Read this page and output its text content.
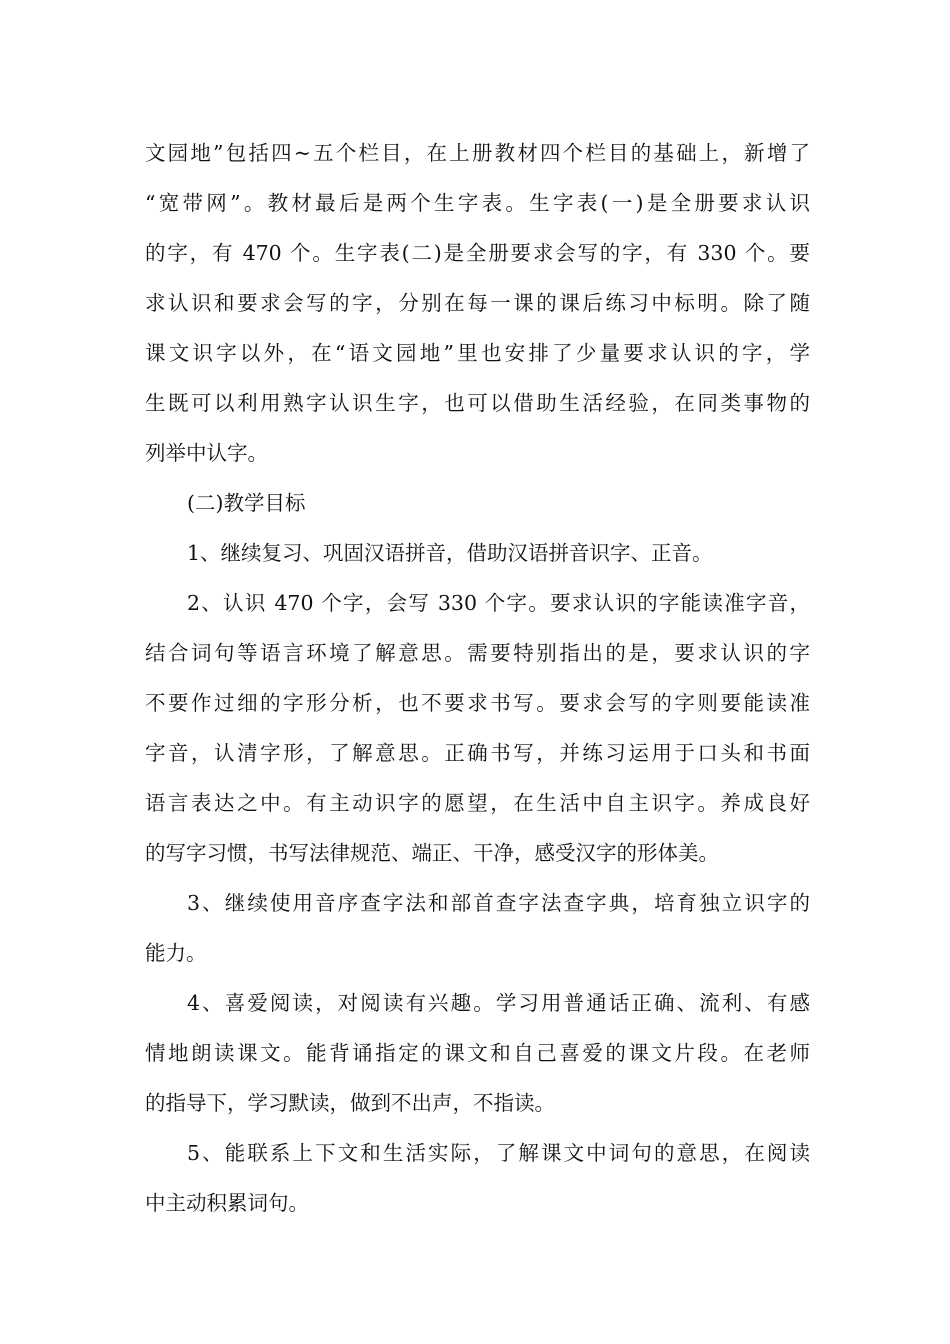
文园地”包括四~五个栏目，在上册教材四个栏目的基础上，新增了
“宽带网”。教材最后是两个生字表。生字表(一)是全册要求认识
的字，有 470 个。生字表(二)是全册要求会写的字，有 330 个。要
求认识和要求会写的字，分别在每一课的课后练习中标明。除了随
课文识字以外，在“语文园地”里也安排了少量要求认识的字，学
生既可以利用熟字认识生字，也可以借助生活经验，在同类事物的
列举中认字。
(二)教学目标
1、继续复习、巩固汉语拼音，借助汉语拼音识字、正音。
2、认识 470 个字，会写 330 个字。要求认识的字能读准字音，
结合词句等语言环境了解意思。需要特别指出的是，要求认识的字
不要作过细的字形分析，也不要求书写。要求会写的字则要能读准
字音，认清字形，了解意思。正确书写，并练习运用于口头和书面
语言表达之中。有主动识字的愿望，在生活中自主识字。养成良好
的写字习惯，书写法律规范、端正、干净，感受汉字的形体美。
3、继续使用音序查字法和部首查字法查字典，培育独立识字的
能力。
4、喜爱阅读，对阅读有兴趣。学习用普通话正确、流利、有感
情地朗读课文。能背诵指定的课文和自己喜爱的课文片段。在老师
的指导下，学习默读，做到不出声，不指读。
5、能联系上下文和生活实际，了解课文中词句的意思，在阅读
中主动积累词句。
